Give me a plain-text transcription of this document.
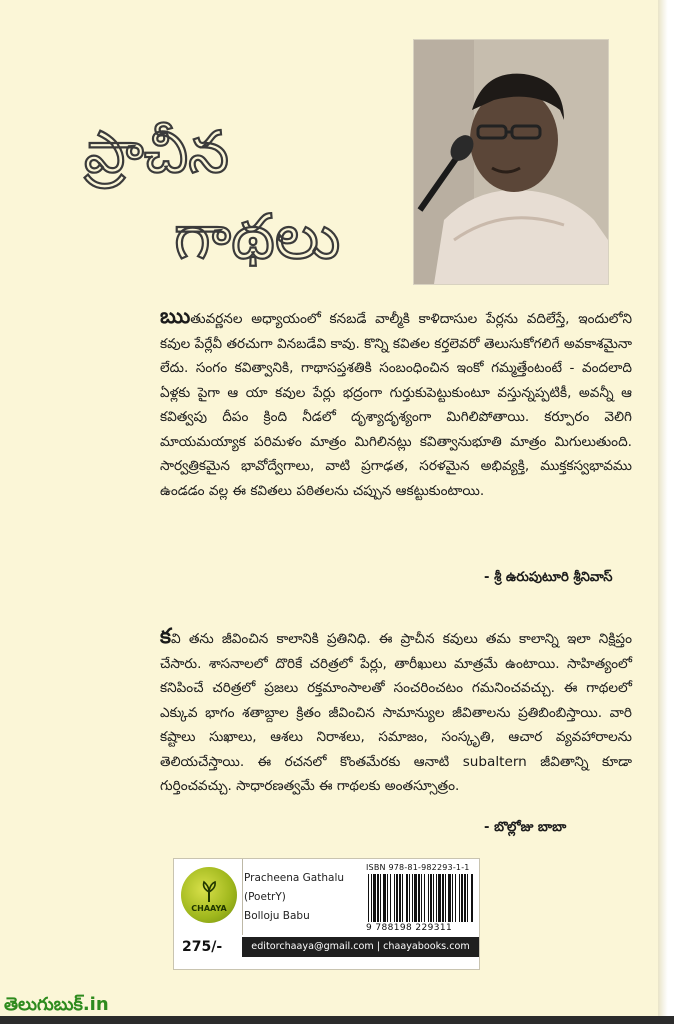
ప్రాచీన
గాథలు

ఋతువర్ణనల అధ్యాయంలో కనబడే వాల్మీకి కాళిదాసుల పేర్లను వదిలేస్తే, ఇందులోని కవుల పేర్లేవీ తరచుగా వినబడేవి కావు. కొన్ని కవితల కర్తలెవరో తెలుసుకోగలిగే అవకాశమైనా లేదు. సంగం కవిత్వానికి, గాథాసప్తశతికి సంబంధించిన ఇంకో గమ్మత్తేంటంటే - వందలాది ఏళ్లకు పైగా ఆ యా కవుల పేర్లు భద్రంగా గుర్తుకుపెట్టుకుంటూ వస్తున్నప్పటికీ, అవన్నీ ఆ కవిత్వపు దీపం క్రింది నీడలో దృశ్యాదృశ్యంగా మిగిలిపోతాయి. కర్పూరం వెలిగి మాయమయ్యాక పరిమళం మాత్రం మిగిలినట్లు కవిత్వానుభూతి మాత్రం మిగులుతుంది. సార్వత్రికమైన భావోద్వేగాలు, వాటి ప్రగాఢత, సరళమైన అభివ్యక్తి, ముక్తకస్వభావము ఉండడం వల్ల ఈ కవితలు పఠితలను చప్పున ఆకట్టుకుంటాయి.

- శ్రీ ఉరుపుటూరి శ్రీనివాస్

కవి తను జీవించిన కాలానికి ప్రతినిధి. ఈ ప్రాచీన కవులు తమ కాలాన్ని ఇలా నిక్షిప్తం చేసారు. శాసనాలలో దొరికే చరిత్రలో పేర్లు, తారీఖులు మాత్రమే ఉంటాయి. సాహిత్యంలో కనిపించే చరిత్రలో ప్రజలు రక్తమాంసాలతో సంచరించటం గమనించవచ్చు. ఈ గాథలలో ఎక్కువ భాగం శతాబ్దాల క్రితం జీవించిన సామాన్యుల జీవితాలను ప్రతిబింబిస్తాయి. వారి కష్టాలు సుఖాలు, ఆశలు నిరాశలు, సమాజం, సంస్కృతి, ఆచార వ్యవహారాలను తెలియచేస్తాయి. ఈ రచనలో కొంతమేరకు ఆనాటి subaltern జీవితాన్ని కూడా గుర్తించవచ్చు. సాధారణత్వమే ఈ గాథలకు అంతస్సూత్రం.

- బొల్లోజు బాబా

CHAAYA
275/-
Pracheena Gathalu
(PoetrY)
Bolloju Babu
ISBN 978-81-982293-1-1
9 788198 229311
editorchaaya@gmail.com | chaayabooks.com
తెలుగుబుక్.in
